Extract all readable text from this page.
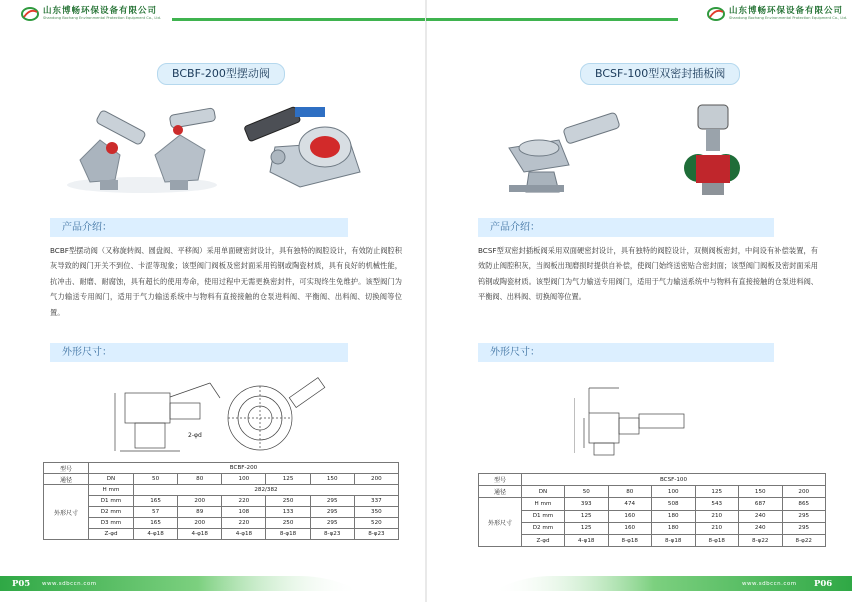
山东博畅环保设备有限公司
Shandong Bochang Environmental Protection Equipment Co., Ltd.
BCBF-200型摆动阀
产品介绍：
BCBF型摆动阀（又称旋转阀、圆盘阀、平移阀）采用单面硬密封设计，具有独特的阀腔设计，有效防止阀腔积灰导致的阀门开关不到位、卡涩等现象；该型阀门阀板及密封面采用钨钢或陶瓷材质，具有良好的机械性能，抗冲击、耐磨、耐腐蚀，具有超长的使用寿命，使用过程中无需更换密封件，可实现终生免维护。该型阀门为气力输送专用阀门，适用于气力输送系统中与物料有直接接触的仓泵进料阀、平衡阀、出料阀、切换阀等位置。
外形尺寸：
2-φd
型号	BCBF-200						
通径	DN	50	80	100	125	150	200
外形尺寸	H mm	282/382					
	D1 mm	165	200	220	250	295	337
	D2 mm	57	89	108	133	295	350
	D3 mm	165	200	220	250	295	520
	Z-φd	4-φ18	4-φ18	4-φ18	8-φ18	8-φ23	8-φ23
P05 www.sdbccn.com
山东博畅环保设备有限公司
Shandong Bochang Environmental Protection Equipment Co., Ltd.
BCSF-100型双密封插板阀
产品介绍：
BCSF型双密封插板阀采用双面硬密封设计，具有独特的阀腔设计，双侧阀板密封，中间设有补偿装置，有效防止阀腔积灰，当阀板出现磨损时提供自补偿，使阀门始终送密贴合密封面；该型阀门阀板及密封面采用钨钢或陶瓷材质。该型阀门为气力输送专用阀门，适用于气力输送系统中与物料有直接接触的仓泵进料阀、平衡阀、出料阀、切换阀等位置。
外形尺寸：
型号	BCSF-100						
通径	DN	50	80	100	125	150	200
外形尺寸	H mm	393	474	508	543	687	865
	D1 mm	125	160	180	210	240	295
	D2 mm	125	160	180	210	240	295
	Z-φd	4-φ18	8-φ18	8-φ18	8-φ18	8-φ22	8-φ22
www.sdbccn.com P06
